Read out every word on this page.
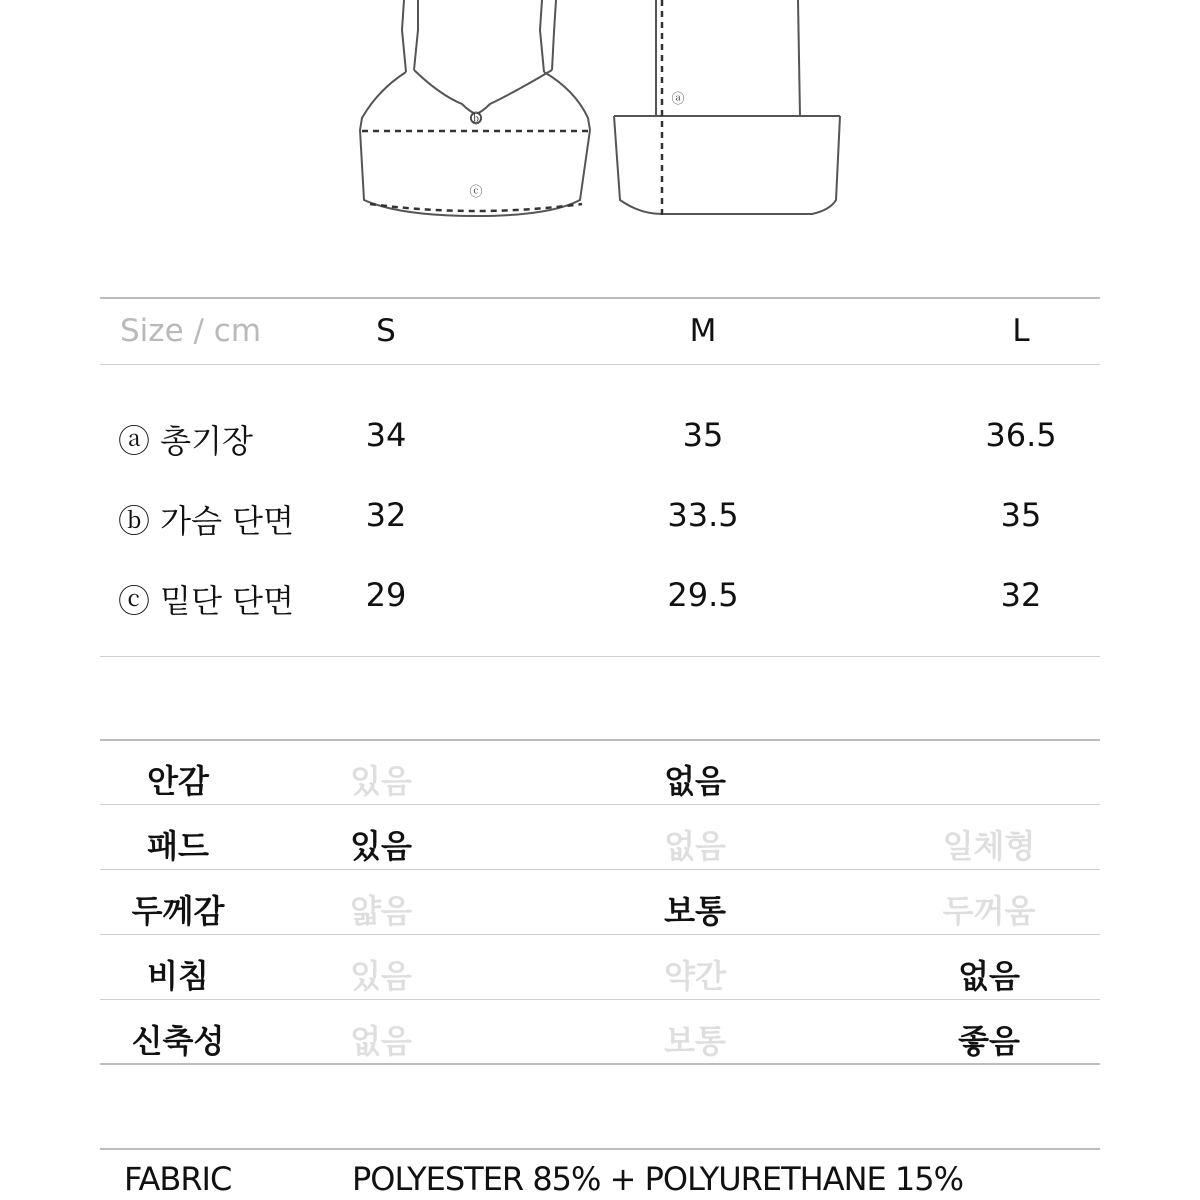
ⓑ
ⓒ
ⓐ
Size / cm	S	M	L
ⓐ 총기장	34	35	36.5
ⓑ 가슴 단면 32	33.5	35
ⓒ 밑단 단면 29	29.5	32
안감	있음	없음
패드	있음	없음	일체형
두께감	얇음	보통	두꺼움
비침	있음	약간	없음
신축성	없음	보통	좋음
FABRIC	POLYESTER 85% + POLYURETHANE 15%
